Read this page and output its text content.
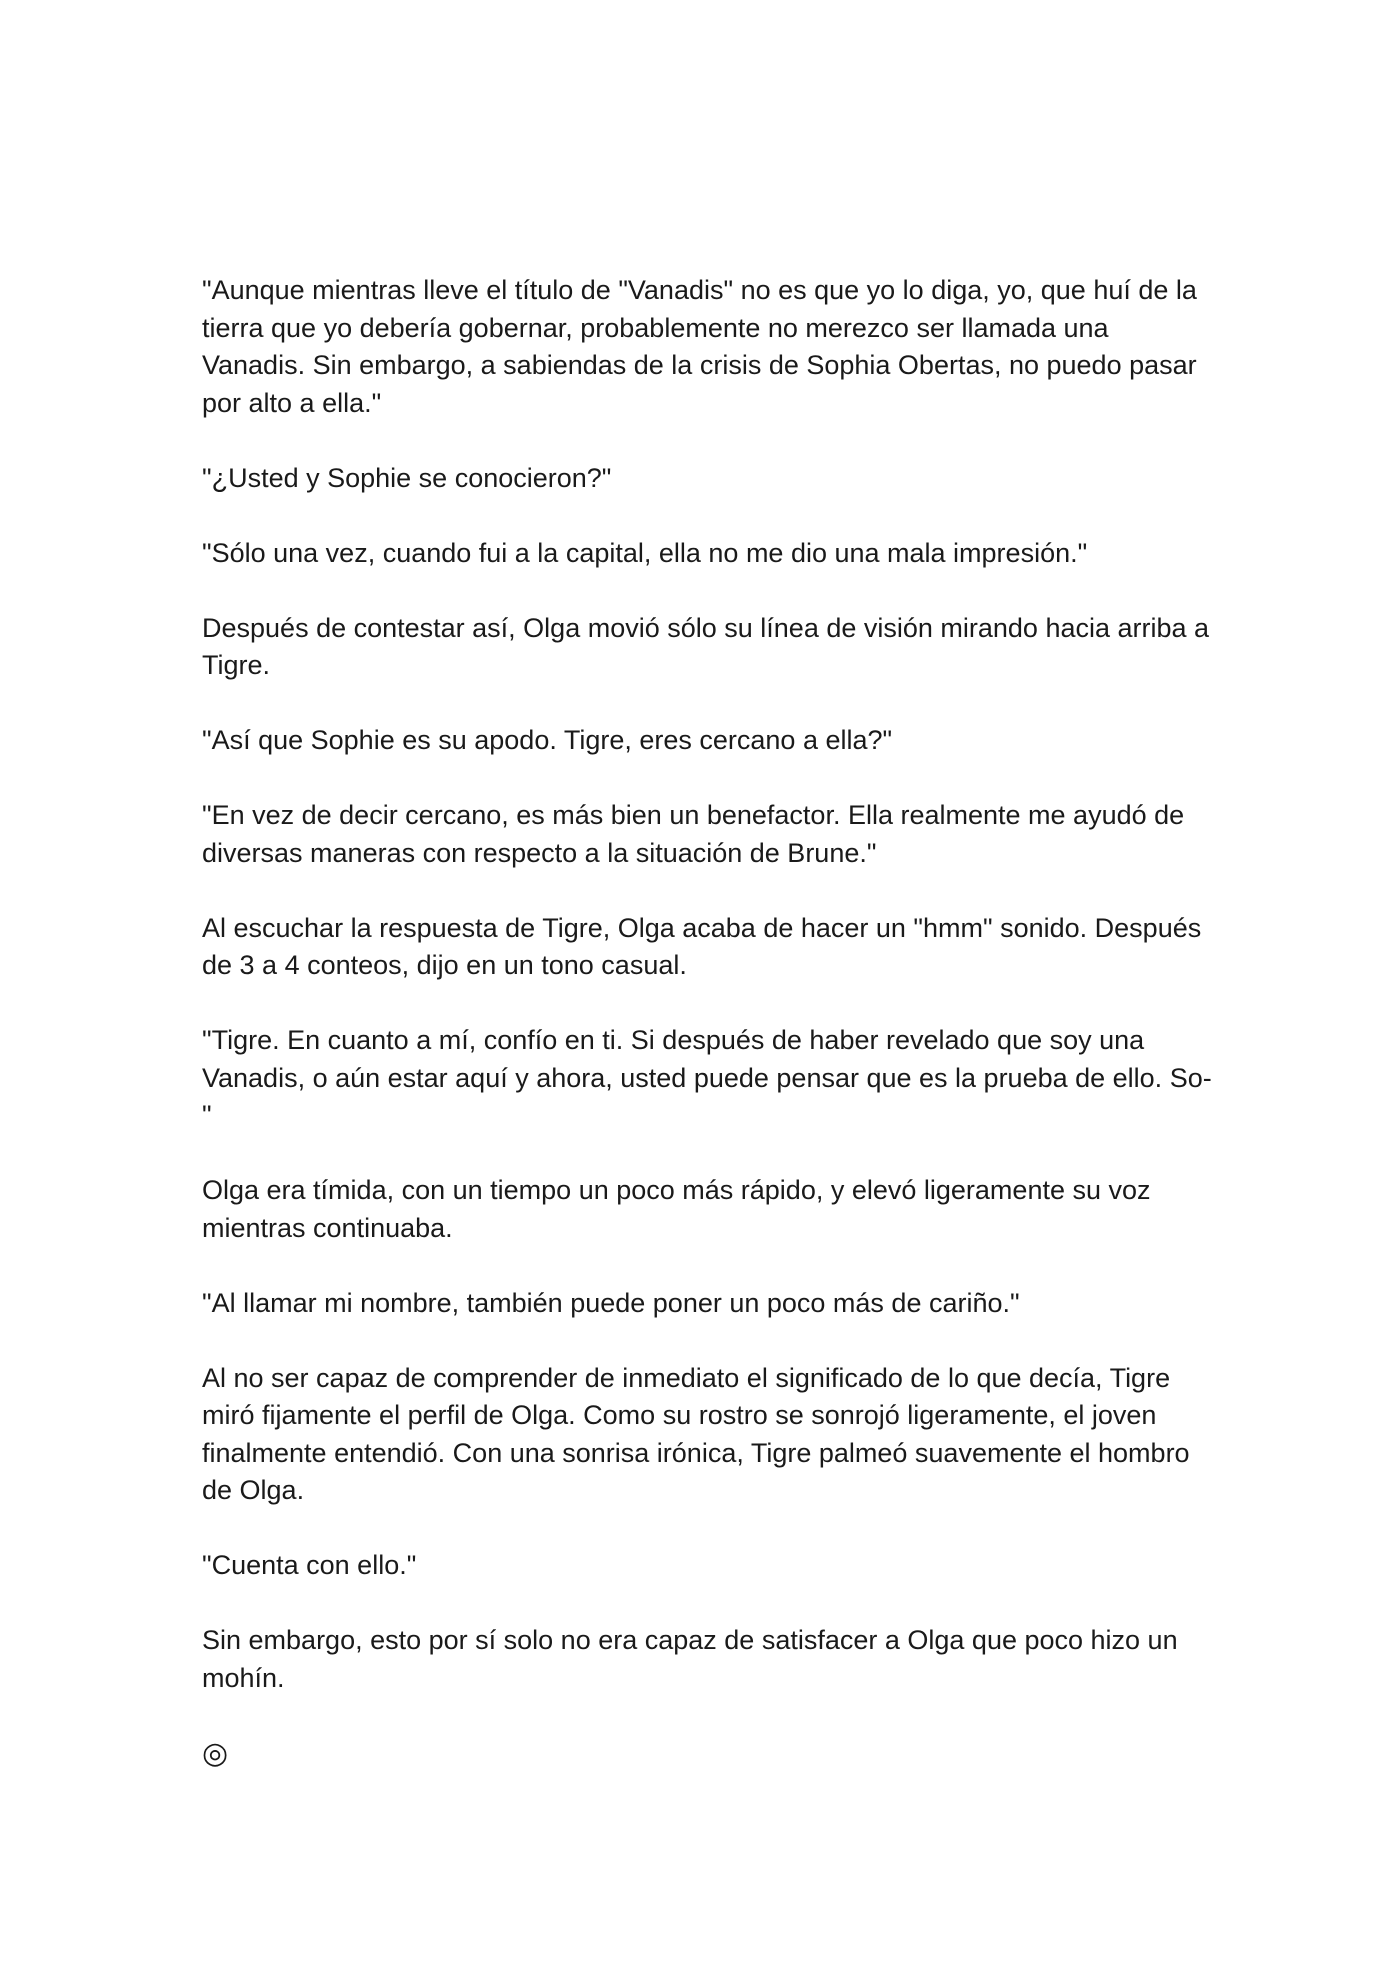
"Aunque mientras lleve el título de "Vanadis" no es que yo lo diga, yo, que huí de la tierra que yo debería gobernar, probablemente no merezco ser llamada una Vanadis. Sin embargo, a sabiendas de la crisis de Sophia Obertas, no puedo pasar por alto a ella."

"¿Usted y Sophie se conocieron?"

"Sólo una vez, cuando fui a la capital, ella no me dio una mala impresión."

Después de contestar así, Olga movió sólo su línea de visión mirando hacia arriba a Tigre.

"Así que Sophie es su apodo. Tigre, eres cercano a ella?"

"En vez de decir cercano, es más bien un benefactor. Ella realmente me ayudó de diversas maneras con respecto a la situación de Brune."

Al escuchar la respuesta de Tigre, Olga acaba de hacer un "hmm" sonido. Después de 3 a 4 conteos, dijo en un tono casual.

"Tigre. En cuanto a mí, confío en ti. Si después de haber revelado que soy una Vanadis, o aún estar aquí y ahora, usted puede pensar que es la prueba de ello. So-"

Olga era tímida, con un tiempo un poco más rápido, y elevó ligeramente su voz mientras continuaba.

"Al llamar mi nombre, también puede poner un poco más de cariño."

Al no ser capaz de comprender de inmediato el significado de lo que decía, Tigre miró fijamente el perfil de Olga. Como su rostro se sonrojó ligeramente, el joven finalmente entendió. Con una sonrisa irónica, Tigre palmeó suavemente el hombro de Olga.

"Cuenta con ello."

Sin embargo, esto por sí solo no era capaz de satisfacer a Olga que poco hizo un mohín.

◎
